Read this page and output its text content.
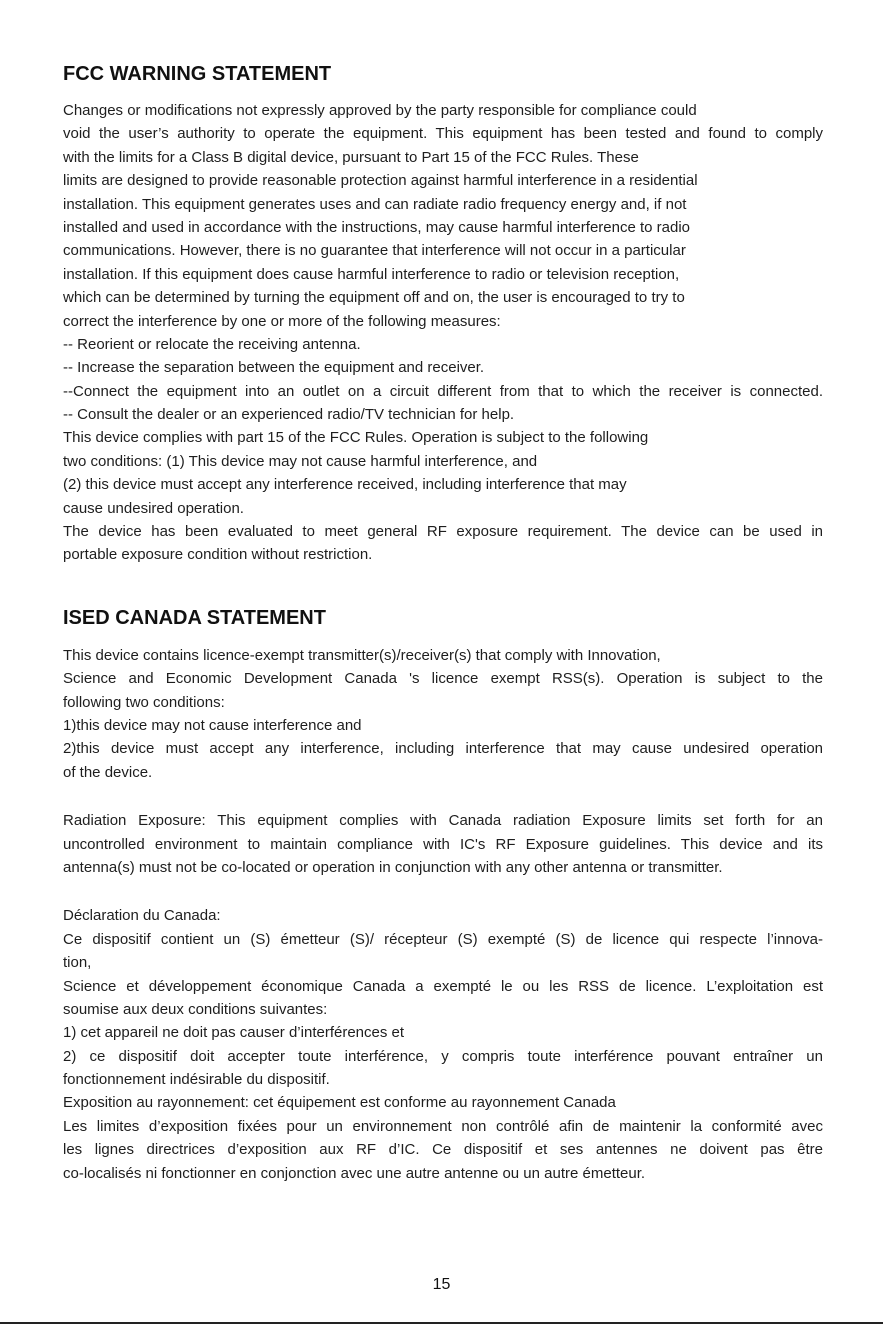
FCC WARNING STATEMENT
Changes or modifications not expressly approved by the party responsible for compliance could
void the user’s authority to operate the equipment. This equipment has been tested and found to comply
with the limits for a Class B digital device, pursuant to Part 15 of the FCC Rules. These
limits are designed to provide reasonable protection against harmful interference in a residential
installation. This equipment generates uses and can radiate radio frequency energy and, if not
installed and used in accordance with the instructions, may cause harmful interference to radio
communications. However, there is no guarantee that interference will not occur in a particular
installation. If this equipment does cause harmful interference to radio or television reception,
which can be determined by turning the equipment off and on, the user is encouraged to try to
correct the interference by one or more of the following measures:
-- Reorient or relocate the receiving antenna.
-- Increase the separation between the equipment and receiver.
--Connect the equipment into an outlet on a circuit different from that to which the receiver is connected.
-- Consult the dealer or an experienced radio/TV technician for help.
This device complies with part 15 of the FCC Rules. Operation is subject to the following
two conditions: (1) This device may not cause harmful interference, and
(2) this device must accept any interference received, including interference that may
cause undesired operation.
The device has been evaluated to meet general RF exposure requirement. The device can be used in
portable exposure condition without restriction.
ISED CANADA STATEMENT
This device contains licence-exempt transmitter(s)/receiver(s) that comply with Innovation,
Science and Economic Development Canada 's licence exempt RSS(s). Operation is subject to the
following two conditions:
1)this device may not cause interference and
2)this device must accept any interference, including interference that may cause undesired operation
of the device.
Radiation Exposure: This equipment complies with Canada radiation Exposure limits set forth for an
uncontrolled environment to maintain compliance with IC's RF Exposure guidelines. This device and its
antenna(s) must not be co-located or operation in conjunction with any other antenna or transmitter.
Déclaration du Canada:
Ce dispositif contient un (S) émetteur (S)/ récepteur (S) exempté (S) de licence qui respecte l’innova-
tion,
Science et développement économique Canada a exempté le ou les RSS de licence. L’exploitation est
soumise aux deux conditions suivantes:
1) cet appareil ne doit pas causer d’interférences et
2) ce dispositif doit accepter toute interférence, y compris toute interférence pouvant entraîner un
fonctionnement indésirable du dispositif.
Exposition au rayonnement: cet équipement est conforme au rayonnement Canada
Les limites d’exposition fixées pour un environnement non contrôlé afin de maintenir la conformité avec
les lignes directrices d’exposition aux RF d’IC. Ce dispositif et ses antennes ne doivent pas être
co-localisés ni fonctionner en conjonction avec une autre antenne ou un autre émetteur.
15
